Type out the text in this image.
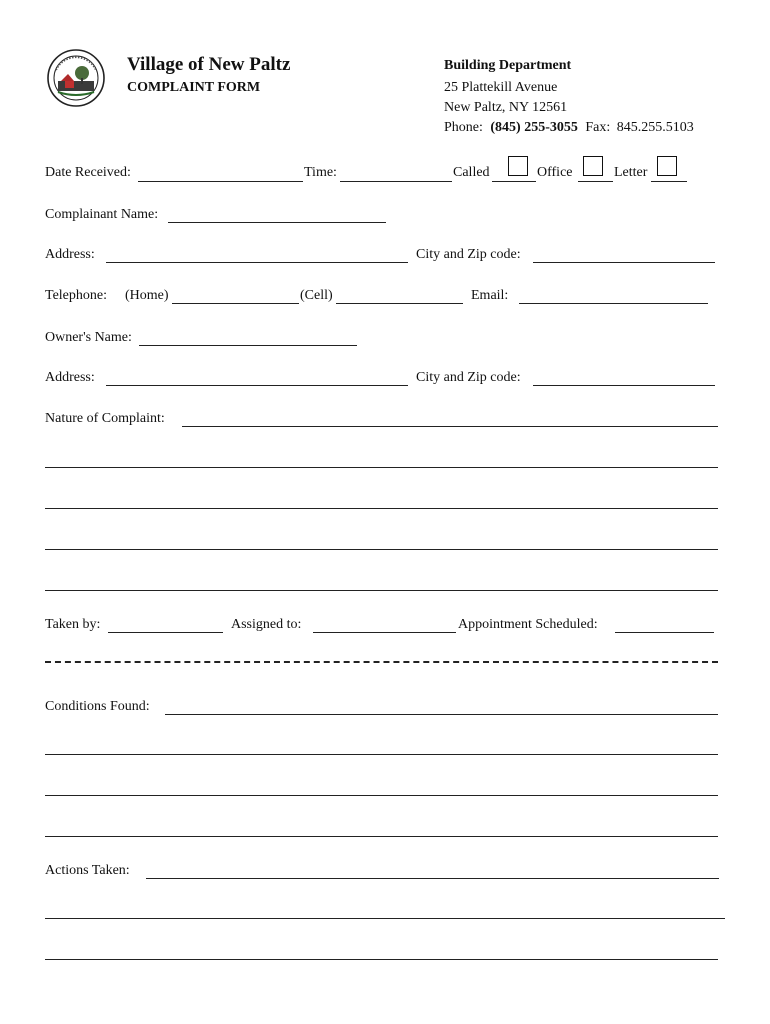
Village of New Paltz
COMPLAINT FORM
Building Department
25 Plattekill Avenue
New Paltz, NY 12561
Phone: (845) 255-3055 Fax: 845.255.5103
Date Received:	Time:	Called	Office	Letter
Complainant Name:
Address:	City and Zip code:
Telephone: (Home)	(Cell)	Email:
Owner's Name:
Address:	City and Zip code:
Nature of Complaint:
Taken by:	Assigned to:	Appointment Scheduled:
Conditions Found:
Actions Taken:
